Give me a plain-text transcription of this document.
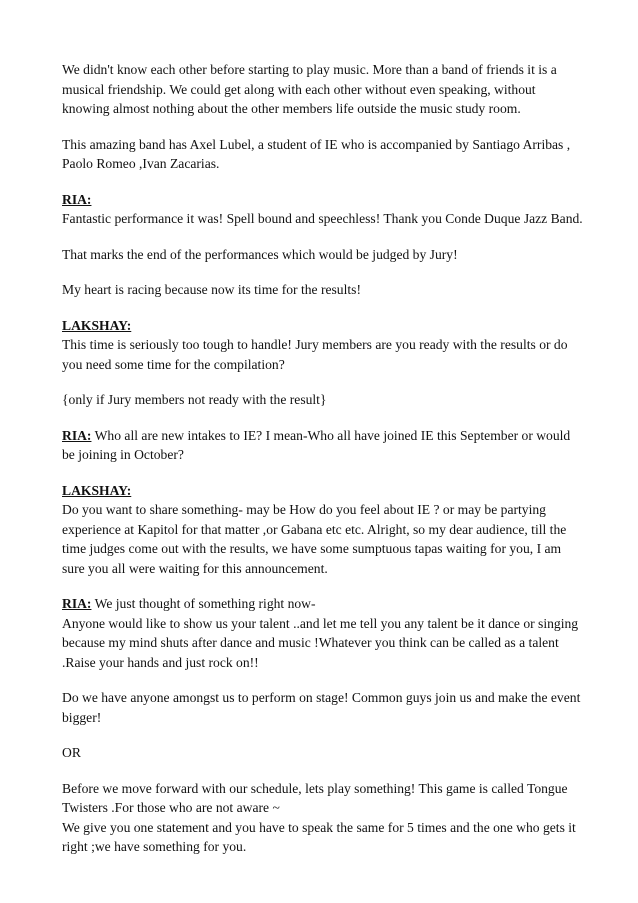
We didn't know each other before starting to play music. More than a band of friends it is a
musical friendship. We could get along with each other without even speaking, without
knowing almost nothing about the other members life outside the music study room.
This amazing band has Axel Lubel, a student of IE who is accompanied by Santiago Arribas ,
Paolo Romeo ,Ivan Zacarias.
RIA:
Fantastic performance it was! Spell bound and speechless! Thank you Conde Duque Jazz Band.
That marks the end of the performances which would be judged by Jury!
My heart is racing because now its time for the results!
LAKSHAY:
This time is seriously too tough to handle! Jury members are you ready with the results or do
you need some time for the compilation?
{only if Jury members not ready with the result}
RIA: Who all are new intakes to IE? I mean-Who all have joined IE this September or would
be joining in October?
LAKSHAY:
Do you want to share something- may be How do you feel about IE ? or may be partying
experience at Kapitol for that matter ,or Gabana etc etc. Alright, so my dear audience, till the
time judges come out with the results, we have some sumptuous tapas waiting for you, I am
sure you all were waiting for this announcement.
RIA: We just thought of something right now-
Anyone would like to show us your talent ..and let me tell you any talent be it dance or singing
because my mind shuts after dance and music !Whatever you think can be called as a talent
.Raise your hands and just rock on!!
Do we have anyone amongst us to perform on stage! Common guys join us and make the event
bigger!
OR
Before we move forward with our schedule, lets play something! This game is called Tongue
Twisters .For those who are not aware ~
We give you one statement and you have to speak the same for 5 times and the one who gets it
right ;we have something for you.
